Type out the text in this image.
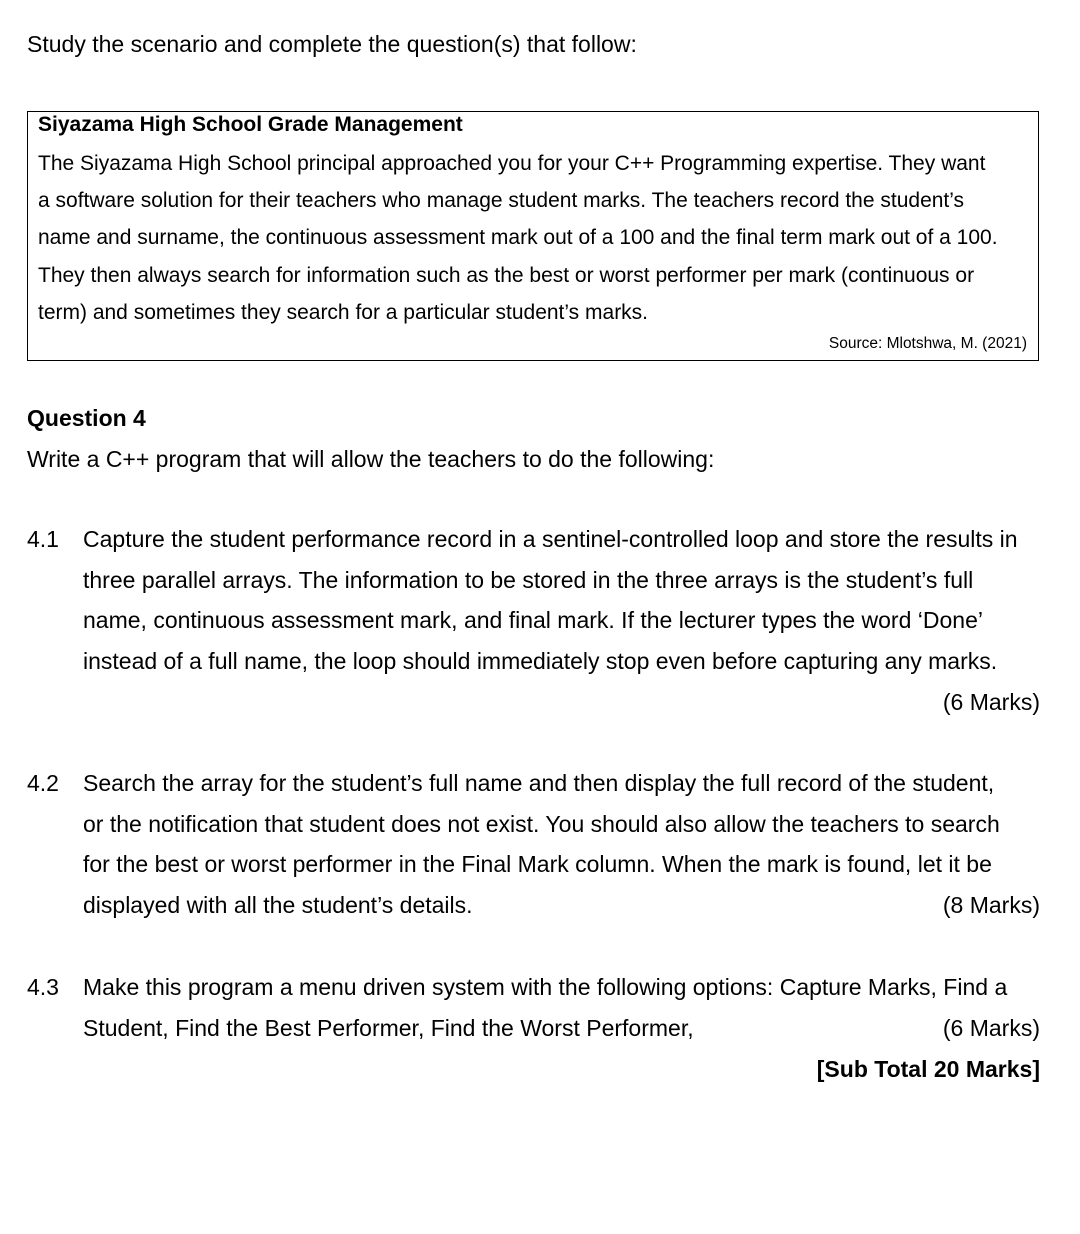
Study the scenario and complete the question(s) that follow:

Siyazama High School Grade Management

The Siyazama High School principal approached you for your C++ Programming expertise. They want
a software solution for their teachers who manage student marks. The teachers record the student’s
name and surname, the continuous assessment mark out of a 100 and the final term mark out of a 100.
They then always search for information such as the best or worst performer per mark (continuous or
term) and sometimes they search for a particular student’s marks.

Source: Mlotshwa, M. (2021)

Question 4

Write a C++ program that will allow the teachers to do the following:

4.1 Capture the student performance record in a sentinel-controlled loop and store the results in
three parallel arrays. The information to be stored in the three arrays is the student’s full
name, continuous assessment mark, and final mark. If the lecturer types the word ‘Done’
instead of a full name, the loop should immediately stop even before capturing any marks.
(6 Marks)
4.2 Search the array for the student’s full name and then display the full record of the student,
or the notification that student does not exist. You should also allow the teachers to search
for the best or worst performer in the Final Mark column. When the mark is found, let it be
displayed with all the student’s details.	(8 Marks)
4.3 Make this program a menu driven system with the following options: Capture Marks, Find a
Student, Find the Best Performer, Find the Worst Performer,	(6 Marks)

[Sub Total 20 Marks]
